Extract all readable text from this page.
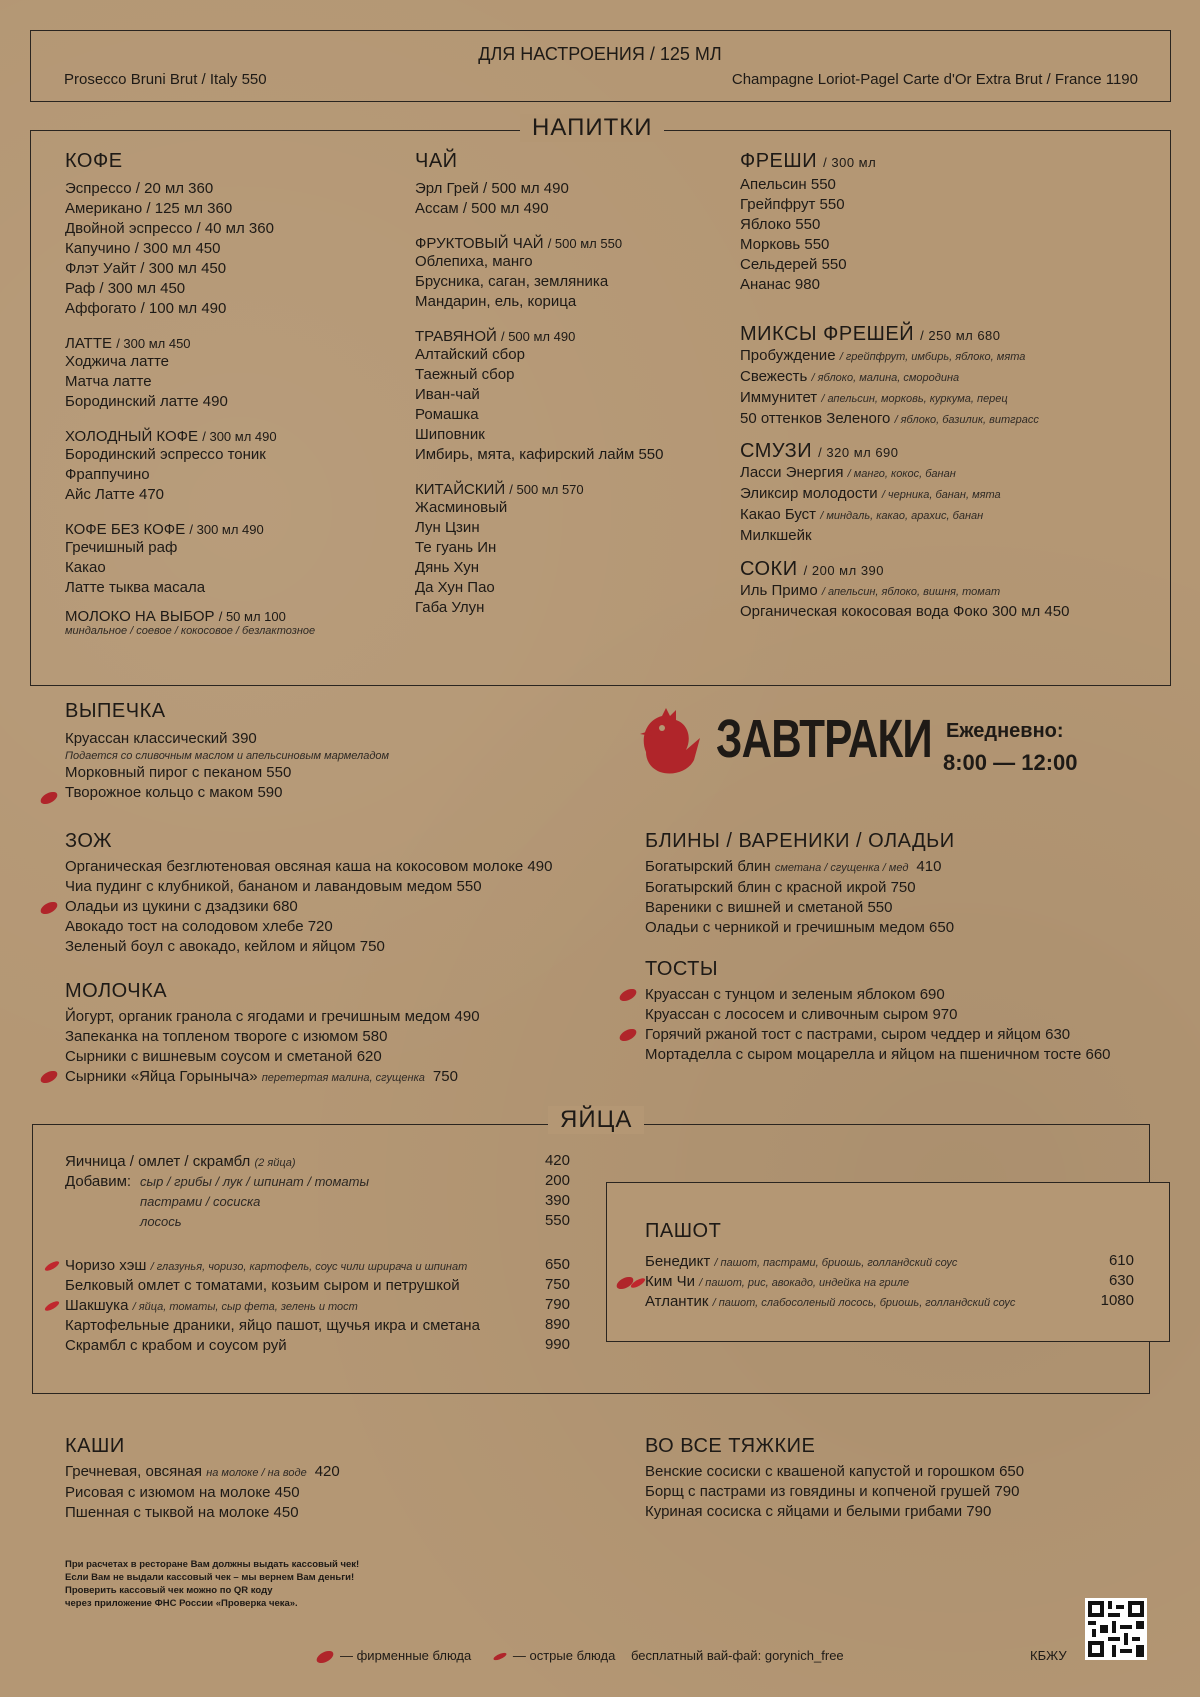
ДЛЯ НАСТРОЕНИЯ / 125 МЛ
Prosecco Bruni Brut / Italy 550	Champagne Loriot-Pagel Carte d'Or Extra Brut / France 1190
НАПИТКИ
КОФЕ
Эспрессо / 20 мл 360
Американо / 125 мл 360
Двойной эспрессо / 40 мл 360
Капучино / 300 мл 450
Флэт Уайт / 300 мл 450
Раф / 300 мл 450
Аффогато / 100 мл 490
ЛАТТЕ / 300 мл 450
Ходжича латте
Матча латте
Бородинский латте 490
ХОЛОДНЫЙ КОФЕ / 300 мл 490
Бородинский эспрессо тоник
Фраппучино
Айс Латте 470
КОФЕ БЕЗ КОФЕ / 300 мл 490
Гречишный раф
Какао
Латте тыква масала
МОЛОКО НА ВЫБОР / 50 мл 100
миндальное / соевое / кокосовое / безлактозное
ЧАЙ
Эрл Грей / 500 мл 490
Ассам / 500 мл 490
ФРУКТОВЫЙ ЧАЙ / 500 мл 550
Облепиха, манго
Брусника, саган, земляника
Мандарин, ель, корица
ТРАВЯНОЙ / 500 мл 490
Алтайский сбор
Таежный сбор
Иван-чай
Ромашка
Шиповник
Имбирь, мята, кафирский лайм 550
КИТАЙСКИЙ / 500 мл 570
Жасминовый
Лун Цзин
Те гуань Ин
Дянь Хун
Да Хун Пао
Габа Улун
ФРЕШИ / 300 мл
Апельсин 550
Грейпфрут 550
Яблоко 550
Морковь 550
Сельдерей 550
Ананас 980
МИКСЫ ФРЕШЕЙ / 250 мл 680
Пробуждение / грейпфрут, имбирь, яблоко, мята
Свежесть / яблоко, малина, смородина
Иммунитет / апельсин, морковь, куркума, перец
50 оттенков Зеленого / яблоко, базилик, витграсс
СМУЗИ / 320 мл 690
Ласси Энергия / манго, кокос, банан
Эликсир молодости / черника, банан, мята
Какао Буст / миндаль, какао, арахис, банан
Милкшейк
СОКИ / 200 мл 390
Иль Примо / апельсин, яблоко, вишня, томат
Органическая кокосовая вода Фоко 300 мл 450
ВЫПЕЧКА
Круассан классический 390
Подается со сливочным маслом и апельсиновым мармеладом
Морковный пирог с пеканом 550
Творожное кольцо с маком 590
ЗАВТРАКИ Ежедневно:
8:00 — 12:00
ЗОЖ
Органическая безглютеновая овсяная каша на кокосовом молоке 490
Чиа пудинг с клубникой, бананом и лавандовым медом 550
Оладьи из цукини с дзадзики 680
Авокадо тост на солодовом хлебе 720
Зеленый боул с авокадо, кейлом и яйцом 750
МОЛОЧКА
Йогурт, органик гранола с ягодами и гречишным медом 490
Запеканка на топленом твороге с изюмом 580
Сырники с вишневым соусом и сметаной 620
Сырники «Яйца Горыныча» перетертая малина, сгущенка 750
БЛИНЫ / ВАРЕНИКИ / ОЛАДЬИ
Богатырский блин сметана / сгущенка / мед 410
Богатырский блин с красной икрой 750
Вареники с вишней и сметаной 550
Оладьи с черникой и гречишным медом 650
ТОСТЫ
Круассан с тунцом и зеленым яблоком 690
Круассан с лососем и сливочным сыром 970
Горячий ржаной тост с пастрами, сыром чеддер и яйцом 630
Мортаделла с сыром моцарелла и яйцом на пшеничном тосте 660
ЯЙЦА
Яичница / омлет / скрамбл (2 яйца)	420
Добавим: сыр / грибы / лук / шпинат / томаты	200
пастрами / сосиска	390
лосось	550
Чоризо хэш / глазунья, чоризо, картофель, соус чили шрирача и шпинат	650
Белковый омлет с томатами, козьим сыром и петрушкой	750
Шакшука / яйца, томаты, сыр фета, зелень и тост	790
Картофельные драники, яйцо пашот, щучья икра и сметана	890
Скрамбл с крабом и соусом руй	990
ПАШОТ
Бенедикт / пашот, пастрами, бриошь, голландский соус	610
Ким Чи / пашот, рис, авокадо, индейка на гриле	630
Атлантик / пашот, слабосоленый лосось, бриошь, голландский соус	1080
КАШИ
Гречневая, овсяная на молоке / на воде 420
Рисовая с изюмом на молоке 450
Пшенная с тыквой на молоке 450
ВО ВСЕ ТЯЖКИЕ
Венские сосиски с квашеной капустой и горошком 650
Борщ с пастрами из говядины и копченой грушей 790
Куриная сосиска с яйцами и белыми грибами 790
При расчетах в ресторане Вам должны выдать кассовый чек!
Если Вам не выдали кассовый чек – мы вернем Вам деньги!
Проверить кассовый чек можно по QR коду
через приложение ФНС России «Проверка чека».
— фирменные блюда	— острые блюда бесплатный вай-фай: gorynich_free	КБЖУ
